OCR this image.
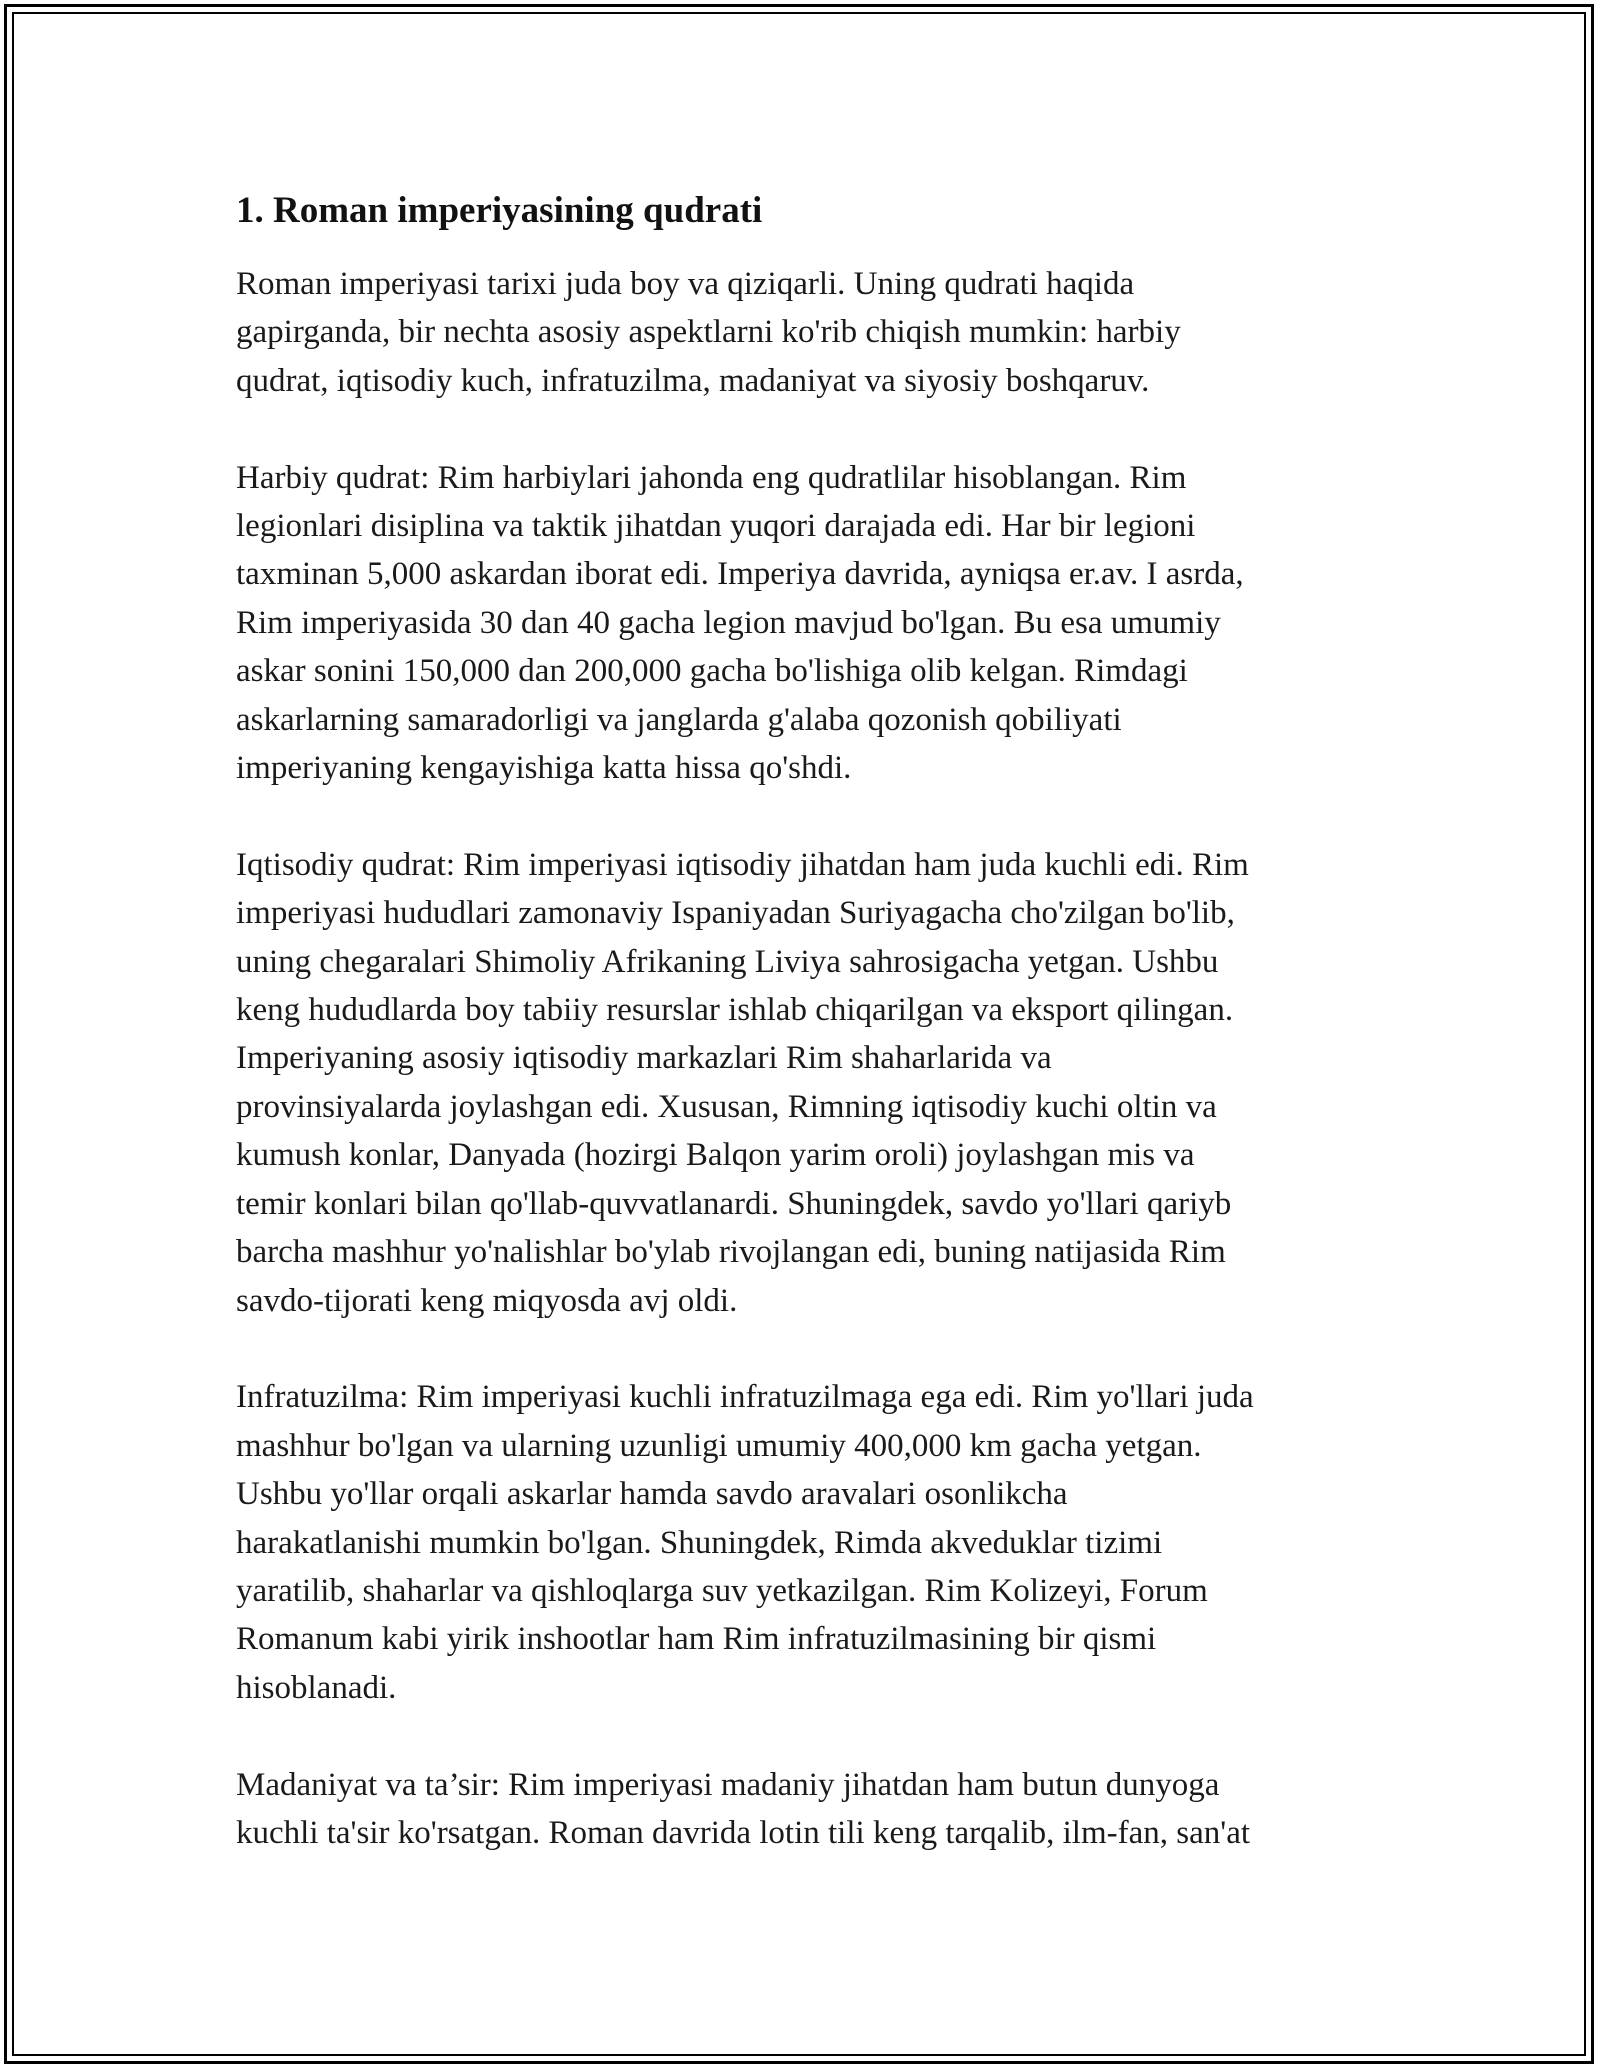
1. Roman imperiyasining qudrati

Roman imperiyasi tarixi juda boy va qiziqarli. Uning qudrati haqida
gapirganda, bir nechta asosiy aspektlarni ko'rib chiqish mumkin: harbiy
qudrat, iqtisodiy kuch, infratuzilma, madaniyat va siyosiy boshqaruv.

Harbiy qudrat: Rim harbiylari jahonda eng qudratlilar hisoblangan. Rim
legionlari disiplina va taktik jihatdan yuqori darajada edi. Har bir legioni
taxminan 5,000 askardan iborat edi. Imperiya davrida, ayniqsa er.av. I asrda,
Rim imperiyasida 30 dan 40 gacha legion mavjud bo'lgan. Bu esa umumiy
askar sonini 150,000 dan 200,000 gacha bo'lishiga olib kelgan. Rimdagi
askarlarning samaradorligi va janglarda g'alaba qozonish qobiliyati
imperiyaning kengayishiga katta hissa qo'shdi.

Iqtisodiy qudrat: Rim imperiyasi iqtisodiy jihatdan ham juda kuchli edi. Rim
imperiyasi hududlari zamonaviy Ispaniyadan Suriyagacha cho'zilgan bo'lib,
uning chegaralari Shimoliy Afrikaning Liviya sahrosigacha yetgan. Ushbu
keng hududlarda boy tabiiy resurslar ishlab chiqarilgan va eksport qilingan.
Imperiyaning asosiy iqtisodiy markazlari Rim shaharlarida va
provinsiyalarda joylashgan edi. Xususan, Rimning iqtisodiy kuchi oltin va
kumush konlar, Danyada (hozirgi Balqon yarim oroli) joylashgan mis va
temir konlari bilan qo'llab-quvvatlanardi. Shuningdek, savdo yo'llari qariyb
barcha mashhur yo'nalishlar bo'ylab rivojlangan edi, buning natijasida Rim
savdo-tijorati keng miqyosda avj oldi.

Infratuzilma: Rim imperiyasi kuchli infratuzilmaga ega edi. Rim yo'llari juda
mashhur bo'lgan va ularning uzunligi umumiy 400,000 km gacha yetgan.
Ushbu yo'llar orqali askarlar hamda savdo aravalari osonlikcha
harakatlanishi mumkin bo'lgan. Shuningdek, Rimda akveduklar tizimi
yaratilib, shaharlar va qishloqlarga suv yetkazilgan. Rim Kolizeyi, Forum
Romanum kabi yirik inshootlar ham Rim infratuzilmasining bir qismi
hisoblanadi.

Madaniyat va ta’sir: Rim imperiyasi madaniy jihatdan ham butun dunyoga
kuchli ta'sir ko'rsatgan. Roman davrida lotin tili keng tarqalib, ilm-fan, san'at
